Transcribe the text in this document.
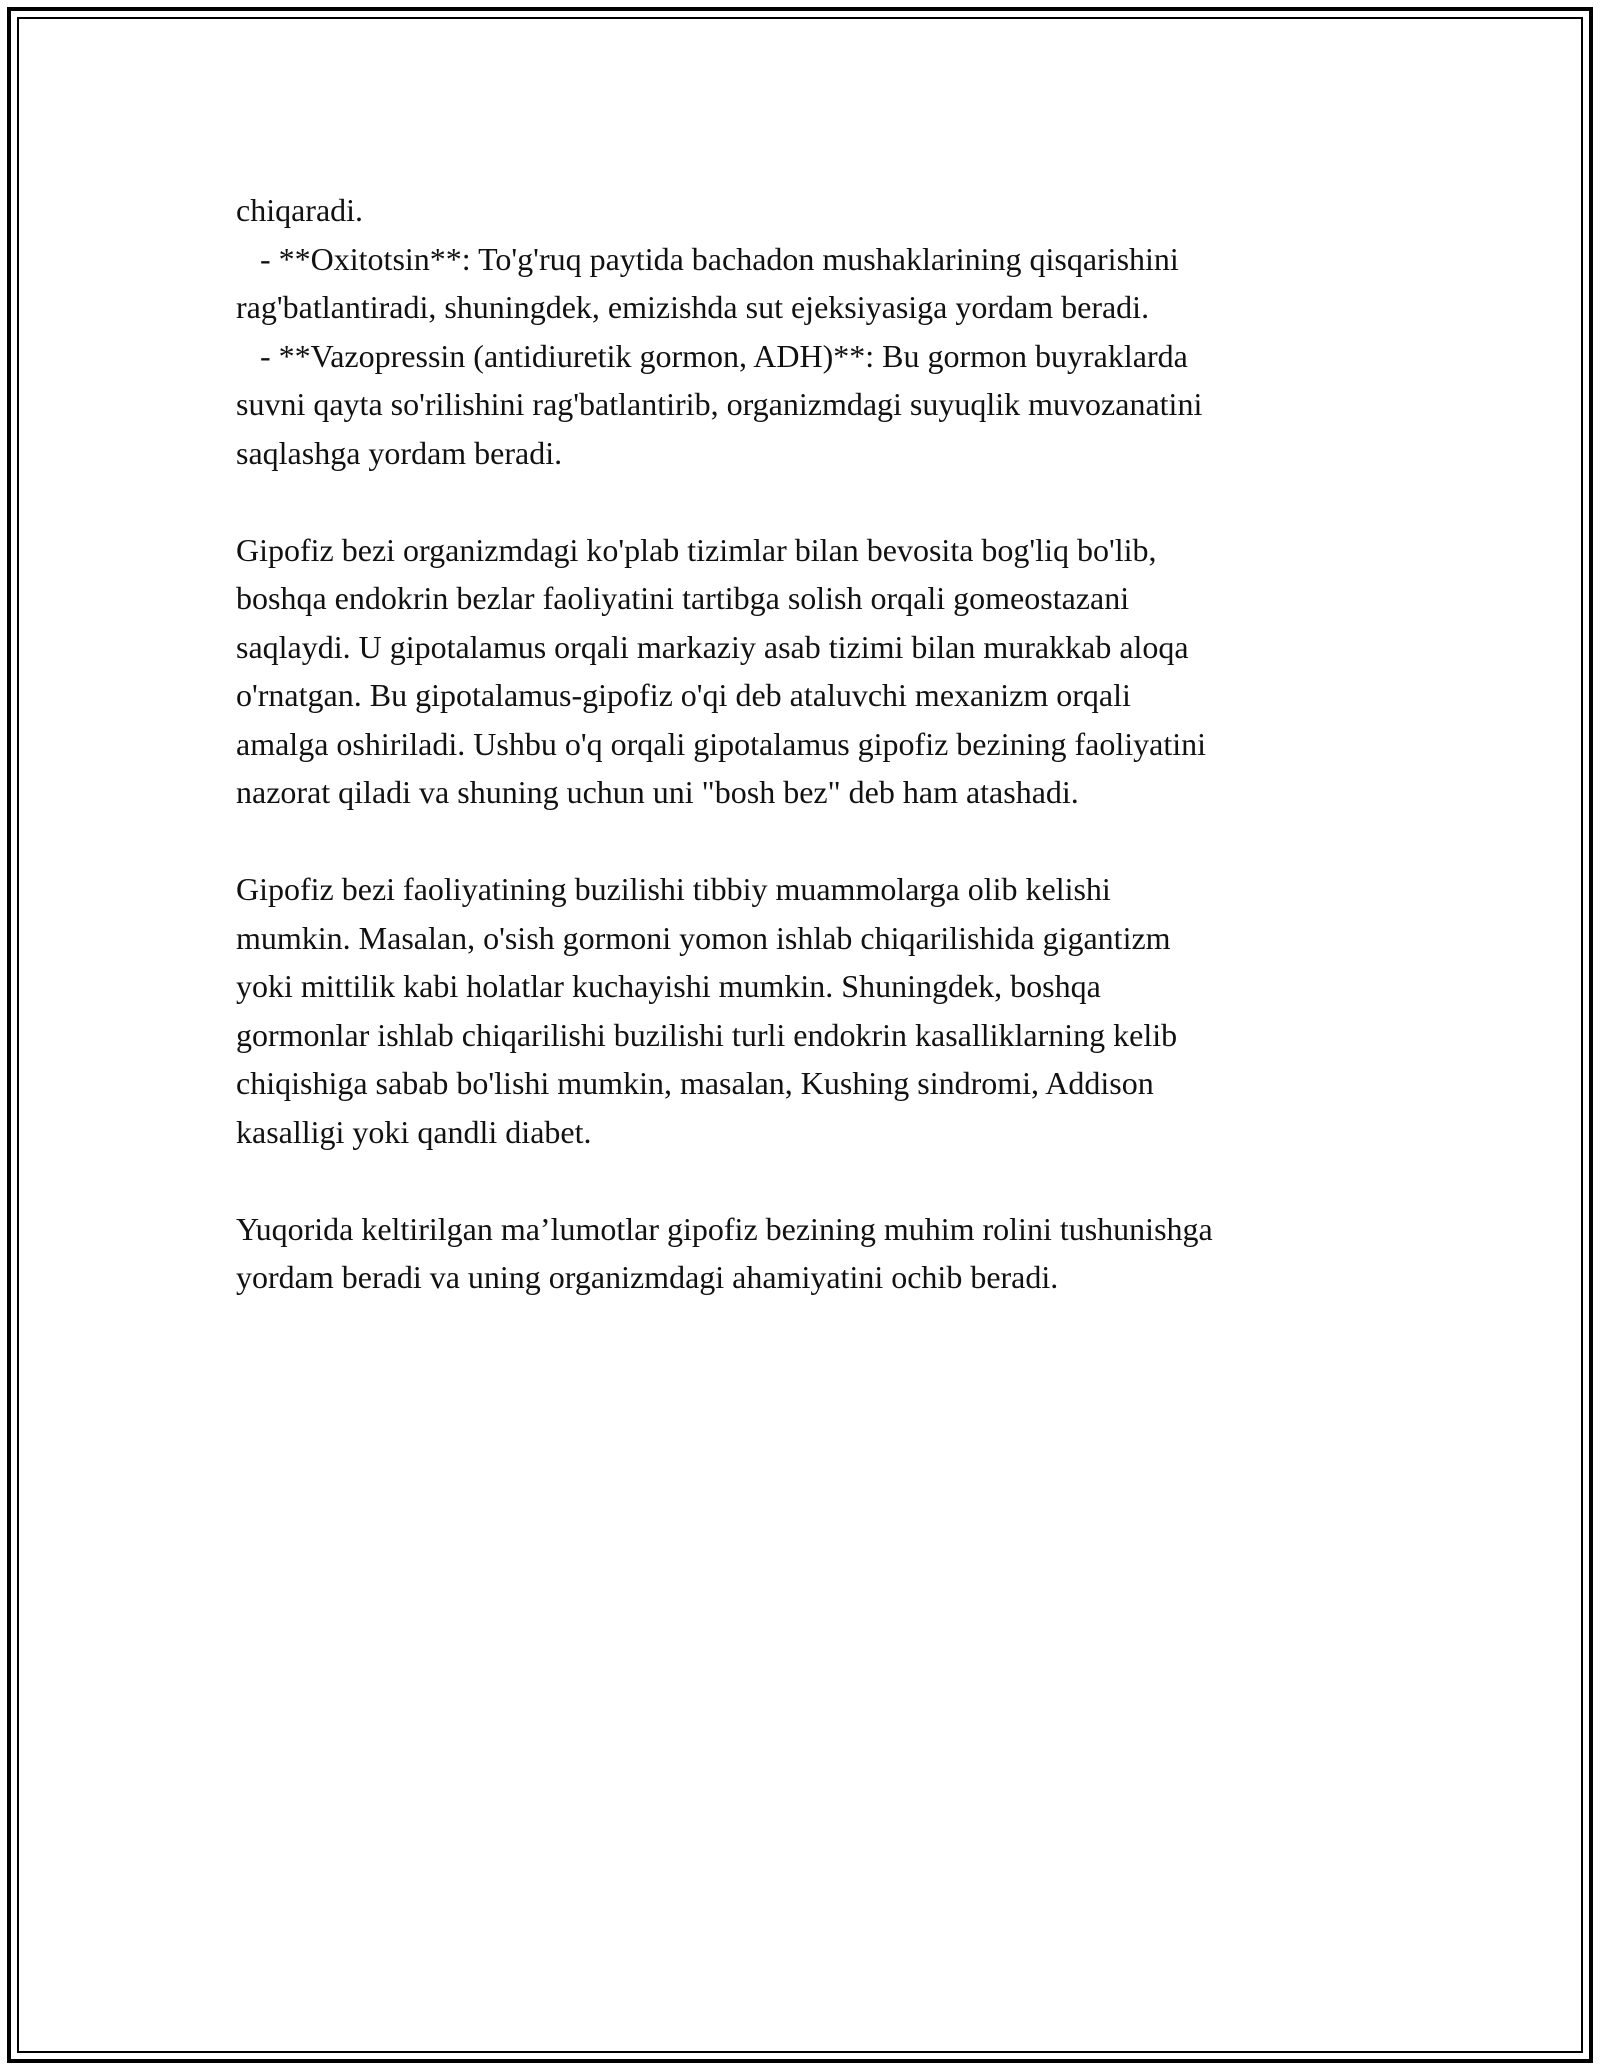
chiqaradi.
- **Oxitotsin**: To'g'ruq paytida bachadon mushaklarining qisqarishini
rag'batlantiradi, shuningdek, emizishda sut ejeksiyasiga yordam beradi.
- **Vazopressin (antidiuretik gormon, ADH)**: Bu gormon buyraklarda
suvni qayta so'rilishini rag'batlantirib, organizmdagi suyuqlik muvozanatini
saqlashga yordam beradi.
Gipofiz bezi organizmdagi ko'plab tizimlar bilan bevosita bog'liq bo'lib,
boshqa endokrin bezlar faoliyatini tartibga solish orqali gomeostazani
saqlaydi. U gipotalamus orqali markaziy asab tizimi bilan murakkab aloqa
o'rnatgan. Bu gipotalamus-gipofiz o'qi deb ataluvchi mexanizm orqali
amalga oshiriladi. Ushbu o'q orqali gipotalamus gipofiz bezining faoliyatini
nazorat qiladi va shuning uchun uni "bosh bez" deb ham atashadi.
Gipofiz bezi faoliyatining buzilishi tibbiy muammolarga olib kelishi
mumkin. Masalan, o'sish gormoni yomon ishlab chiqarilishida gigantizm
yoki mittilik kabi holatlar kuchayishi mumkin. Shuningdek, boshqa
gormonlar ishlab chiqarilishi buzilishi turli endokrin kasalliklarning kelib
chiqishiga sabab bo'lishi mumkin, masalan, Kushing sindromi, Addison
kasalligi yoki qandli diabet.
Yuqorida keltirilgan ma’lumotlar gipofiz bezining muhim rolini tushunishga
yordam beradi va uning organizmdagi ahamiyatini ochib beradi.
